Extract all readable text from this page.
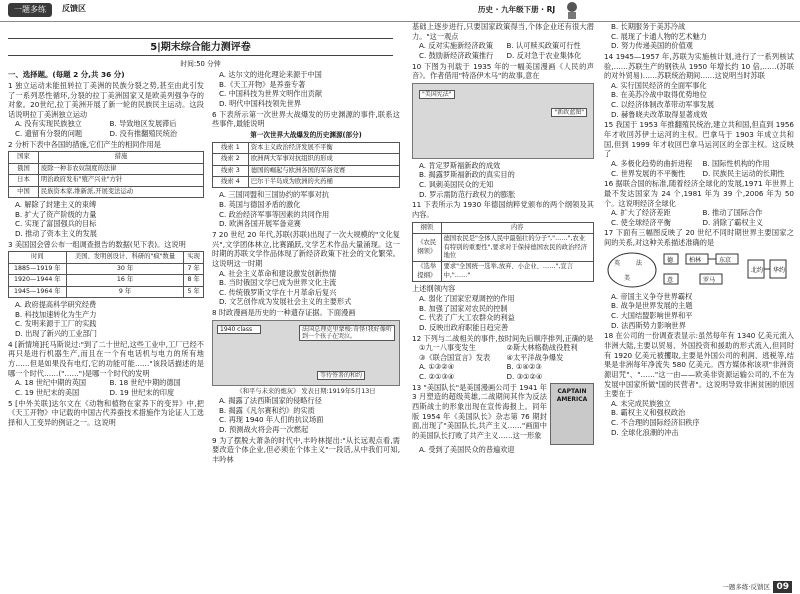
一题多练	反馈区	历史 · 九年级下册 · RJ
5|期末综合能力测评卷
时间:50 分钟
一、选择题。(每题 2 分,共 36 分)
1 独立运动未能扭转拉丁美洲的民族分裂之势,甚至由此引发了一系列恶性循环,分裂的拉丁美洲国家又是欧美列强争夺的对象。20世纪,拉丁美洲开展了新一轮的民族民主运动。这段话说明拉丁美洲独立运动
A. 没有实现民族独立	B. 导致地区发展滞后
C. 遗留有分裂的问题	D. 没有推翻殖民统治
2 分析下表中各国的措施,它们产生的相同作用是
国家	措施
俄国	废除一种非农奴制度的法律
日本	明治政府发布"殖产兴业"方针
中国	民族资本家,维新派,开展变法运动
A. 解除了封建主义的束缚
B. 扩大了资产阶级的力量
C. 实现了富国强兵的目标
D. 推动了资本主义的发展
3 美国国会曾公布一组调查报告的数据(见下表)。这说明
时间	美国、发明创设计、科研的"疯"数量	实现
1885—1919 年	30 年	7 年
1920—1944 年	16 年	8 年
1945—1964 年	9 年	5 年
A. 政府提高科学研究经费
B. 科技加速转化为生产力
C. 发明来源于工厂的实践
D. 出现了新兴的工业部门
4 [新情境]托马斯说过:"到了二十世纪,这些工业中,工厂已经不再只是进行机器生产,而且在一个有电话机与电力的所有地方……但是如果没有电灯,它的功能可能……"该段话描述的是哪一个时代……("……")是哪一个时代的发明
A. 18 世纪中期的英国	B. 18 世纪中期的德国
C. 19 世纪末的美国	D. 19 世纪末的印度
5 [中外关联]达尔文在《动物和植物在家养下的变异》中,把《天工开物》中记载的中国古代养蚕技术措施作为论证人工选择和人工变异的例证之一。这说明
A. 达尔文的进化理论来源于中国
B.《天工开物》是养蚕专著
C. 中国科技为世界文明作出贡献
D. 明代中国科技领先世界
6 下表所示第一次世界大战爆发的历史渊源的事件,联系这些事件,最能说明
第一次世界大战爆发的历史渊源(部分)
线索 1	资本主义政治经济发展不平衡
线索 2	欧洲两大军事对抗组织的形成
线索 3	德国的崛起与欧洲各国的军备竞赛
线索 4	巴尔干半岛成为欧洲的火药桶
A. 三国同盟和三国协约的军事对抗
B. 英国与德国矛盾的激化
C. 政治经济军事等因素的共同作用
D. 欧洲各国开展军备竞赛
7 20 世纪 20 年代,苏联(苏联)出现了一次大规模的"文化复兴",文学团体林立,比赛踊跃,文学艺术作品大量涌现。这一时期的苏联文学作品体现了新经济政策下社会的文化繁荣。这说明这一时期
A. 社会主义革命和建设激发创新热情
B. 当时俄国文学已成为世界文化主流
C. 传统俄罗斯文学在十月革命后复兴
D. 文艺创作成为发展社会主义的主要形式
8 时政漫画是历史的一种遗存证据。下面漫画
1940 class	法国总理克里蒙梭:奇怪!我好像听到一个孩子在哭泣。
等待签署的和约
《和平与未来的炮灰》 发表日期:1919年5月13日
A. 揭露了法西斯国家的侵略行径
B. 揭露《凡尔赛和约》的实质
C. 再现 1940 年人们的抗议场面
D. 预测战火将会再一次燃起
9 为了摆脱大萧条的时代中,丰吟林提出:"从长远观点看,需要改造个体企业,但必须在个体主义"一段话,从中我们可知,丰吟林
基础上逐步进行,只要国家政策得当,个体企业还有很大潜力。"这一观点
A. 反对实施新经济政策	B. 认可赎买政策可行性
C. 鼓励新经济政策推行	D. 反对急于农业集体化
10 下图为刊载于 1935 年的一幅美国漫画《人民的声音》。作者借用"特洛伊木马"的故事,意在
"美国宪法"
"新政蓝图"
A. 肯定罗斯福新政的成效
B. 揭露罗斯福新政的真实目的
C. 讽刺美国民众的无知
D. 罗示需防范行政权力的膨胀
11 下表所示为 1930 年德国纳粹党颁布的两个纲领及其内容。
纲领	内容
《农民纲领》	德国农民是"全体人民中最强壮的分子","……",农业有特别的重要性",要求对于保持德国农民的政治经济地位
《选举提纲》	要求"全国统一选举,放弃、小企业、……",宣言中,"……"
上述纲领内容
A. 弱化了国家宏观调控的作用
B. 加强了国家对农民的控制
C. 代表了广大工农群众的利益
D. 反映出政府职能日趋完善
12 下列与二战相关的事件,按时间先后顺序排列,正确的是
①九一八事变发生	②斯大林格勒战役胜利
③《联合国宣言》发表	④太平洋战争爆发
A. ①③②④	B. ①④②③
C. ②①③④	D. ③①②④
13 "美国队长"是美国漫画公司于 1941 年 3 月塑造的超级英雄,二战期间其作为反法西斯战士的形象出现在宣传海报上。同年版 1954 年《美国队长》杂志第 76 期封面,出现了"美国队长,共产主义……"画面中的美国队长打败了共产主义……这一形象
CAPTAIN AMERICA
A. 受到了美国民众的普遍欢迎
B. 长期服务于美苏冷战
C. 展现了卡通人物的艺术魅力
D. 努力传递美国的价值观
14 1945—1957 年,苏联为实施核计划,进行了一系列核试验,……苏联生产的钢铁从 1950 年增长约 10 倍,……(苏联的对外贸易)……苏联统治期间……这说明当时苏联
A. 实行国民经济的全面军事化
B. 在美苏冷战中取得优势地位
C. 以经济体制改革带动军事发展
D. 赫鲁晓夫改革取得显著成效
15 我国于 1953 年推翻殖民统治,建立共和国,但直到 1956 年才收回苏伊士运河的主权。巴拿马于 1903 年成立共和国,但到 1999 年才收回巴拿马运河区的全部主权。这反映了
A. 多极化趋势的曲折进程	B. 国际性机构的作用
C. 世界发展的不平衡性	D. 民族民主运动的长期性
16 据联合国的标准,随着经济全球化的发展,1971 年世界上最不发达国家为 24 个,1981 年为 39 个,2006 年为 50 个。这说明经济全球化
A. 扩大了经济差距	B. 推动了国际合作
C. 使全球经济平衡	D. 消除了霸权主义
17 下面有三幅图反映了 20 世纪不同时期世界主要国家之间的关系,对这种关系描述准确的是
英	法
美
德
意
柏林	东京
罗马
北约 华约
A. 帝国主义争夺世界霸权
B. 战争是世界发展的主题
C. 大国结盟影响世界和平
D. 法西斯势力影响世界
18 在公司的一份调查表显示:虽然每年有 1340 亿美元流入非洲大陆,主要以贸易、外国投资和援助的形式流入,但同时有 1920 亿美元被攫取,主要是外国公司的利润、逃税等,结果是非洲每年净流失 580 亿美元。西方媒体称该项"非洲资源诅咒"、"……"这一由——欧美非资源运输公司的,不在为发展中国家所做"国的民营者"。这说明导致非洲贫困的原因主要在于
A. 未完成民族独立
B. 霸权主义和强权政治
C. 不合理的国际经济旧秩序
D. 全球化浪潮的冲击
一题多练·反馈区 09
